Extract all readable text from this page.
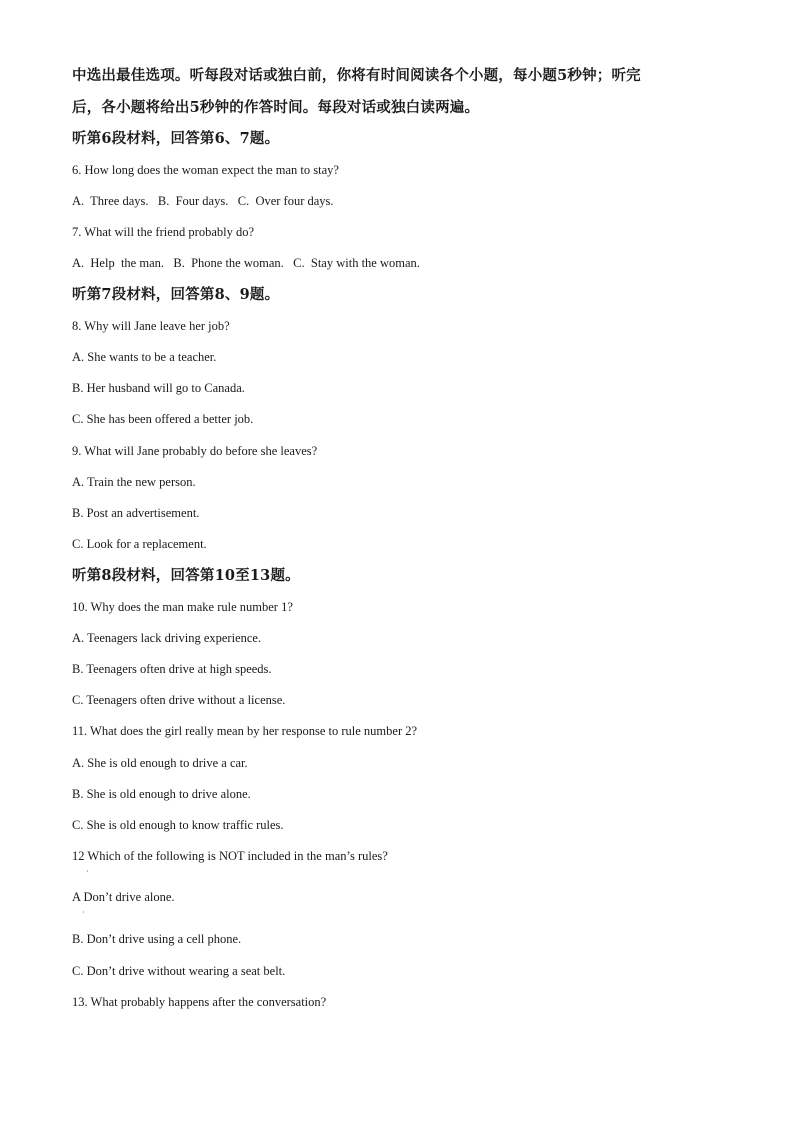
中选出最佳选项。听每段对话或独白前，你将有时间阅读各个小题，每小题5秒钟；听完
后，各小题将给出5秒钟的作答时间。每段对话或独白读两遍。
听第6段材料，回答第6、7题。
6. How long does the woman expect the man to stay?
A.  Three days. B.  Four days. C.  Over four days.
7. What will the friend probably do?
A.  Help  the man. B.  Phone the woman. C.  Stay with the woman.
听第7段材料，回答第8、9题。
8. Why will Jane leave her job?
A. She wants to be a teacher.
B. Her husband will go to Canada.
C. She has been offered a better job.
9. What will Jane probably do before she leaves?
A. Train the new person.
B. Post an advertisement.
C. Look for a replacement.
听第8段材料，回答第10至13题。
10. Why does the man make rule number 1?
A. Teenagers lack driving experience.
B. Teenagers often drive at high speeds.
C. Teenagers often drive without a license.
11. What does the girl really mean by her response to rule number 2?
A. She is old enough to drive a car.
B. She is old enough to drive alone.
C. She is old enough to know traffic rules.
12 Which of the following is NOT included in the man’s rules?
·
A Don’t drive alone.
·
B. Don’t drive using a cell phone.
C. Don’t drive without wearing a seat belt.
13. What probably happens after the conversation?
